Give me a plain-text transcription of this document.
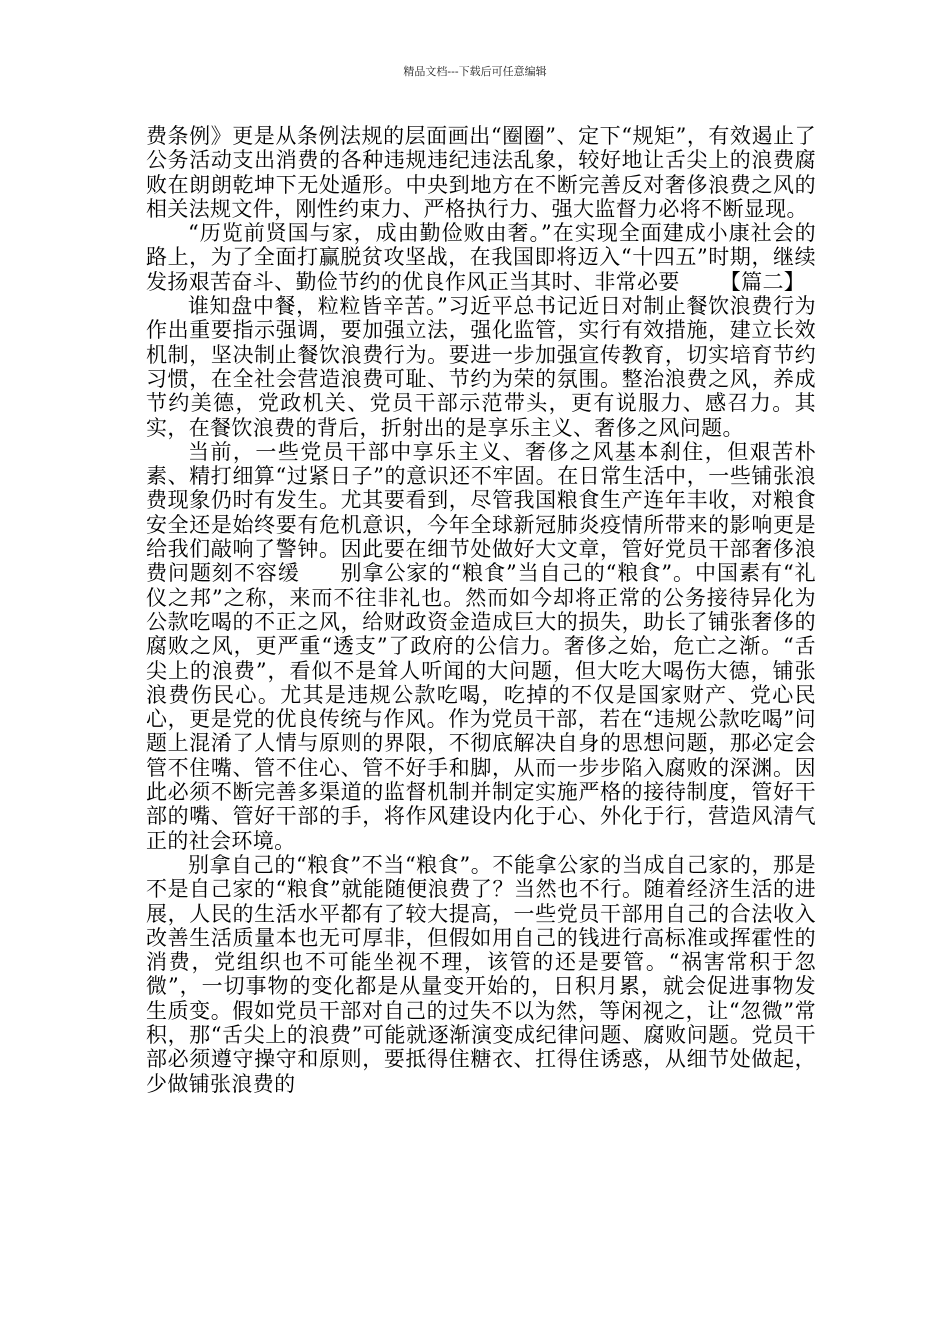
精品文档---下载后可任意编辑

费条例》更是从条例法规的层面画出“圈圈”、定下“规矩”，有效遏止了公务活动支出消费的各种违规违纪违法乱象，较好地让舌尖上的浪费腐败在朗朗乾坤下无处遁形。中央到地方在不断完善反对奢侈浪费之风的相关法规文件，刚性约束力、严格执行力、强大监督力必将不断显现。

“历览前贤国与家，成由勤俭败由奢。”在实现全面建成小康社会的路上，为了全面打赢脱贫攻坚战，在我国即将迈入“十四五”时期，继续发扬艰苦奋斗、勤俭节约的优良作风正当其时、非常必要 【篇二】

谁知盘中餐，粒粒皆辛苦。”习近平总书记近日对制止餐饮浪费行为作出重要指示强调，要加强立法，强化监管，实行有效措施，建立长效机制，坚决制止餐饮浪费行为。要进一步加强宣传教育，切实培育节约习惯，在全社会营造浪费可耻、节约为荣的氛围。整治浪费之风，养成节约美德，党政机关、党员干部示范带头，更有说服力、感召力。其实，在餐饮浪费的背后，折射出的是享乐主义、奢侈之风问题。

当前，一些党员干部中享乐主义、奢侈之风基本刹住，但艰苦朴素、精打细算“过紧日子”的意识还不牢固。在日常生活中，一些铺张浪费现象仍时有发生。尤其要看到，尽管我国粮食生产连年丰收，对粮食安全还是始终要有危机意识，今年全球新冠肺炎疫情所带来的影响更是给我们敲响了警钟。因此要在细节处做好大文章，管好党员干部奢侈浪费问题刻不容缓 别拿公家的“粮食”当自己的“粮食”。中国素有“礼仪之邦”之称，来而不往非礼也。然而如今却将正常的公务接待异化为公款吃喝的不正之风，给财政资金造成巨大的损失，助长了铺张奢侈的腐败之风，更严重“透支”了政府的公信力。奢侈之始，危亡之渐。“舌尖上的浪费”，看似不是耸人听闻的大问题，但大吃大喝伤大德，铺张浪费伤民心。尤其是违规公款吃喝，吃掉的不仅是国家财产、党心民心，更是党的优良传统与作风。作为党员干部，若在“违规公款吃喝”问题上混淆了人情与原则的界限，不彻底解决自身的思想问题，那必定会管不住嘴、管不住心、管不好手和脚，从而一步步陷入腐败的深渊。因此必须不断完善多渠道的监督机制并制定实施严格的接待制度，管好干部的嘴、管好干部的手，将作风建设内化于心、外化于行，营造风清气正的社会环境。

别拿自己的“粮食”不当“粮食”。不能拿公家的当成自己家的，那是不是自己家的“粮食”就能随便浪费了？当然也不行。随着经济生活的进展，人民的生活水平都有了较大提高，一些党员干部用自己的合法收入改善生活质量本也无可厚非，但假如用自己的钱进行高标准或挥霍性的消费，党组织也不可能坐视不理，该管的还是要管。“祸害常积于忽微”，一切事物的变化都是从量变开始的，日积月累，就会促进事物发生质变。假如党员干部对自己的过失不以为然，等闲视之，让“忽微”常积，那“舌尖上的浪费”可能就逐渐演变成纪律问题、腐败问题。党员干部必须遵守操守和原则，要抵得住糖衣、扛得住诱惑，从细节处做起，少做铺张浪费的
